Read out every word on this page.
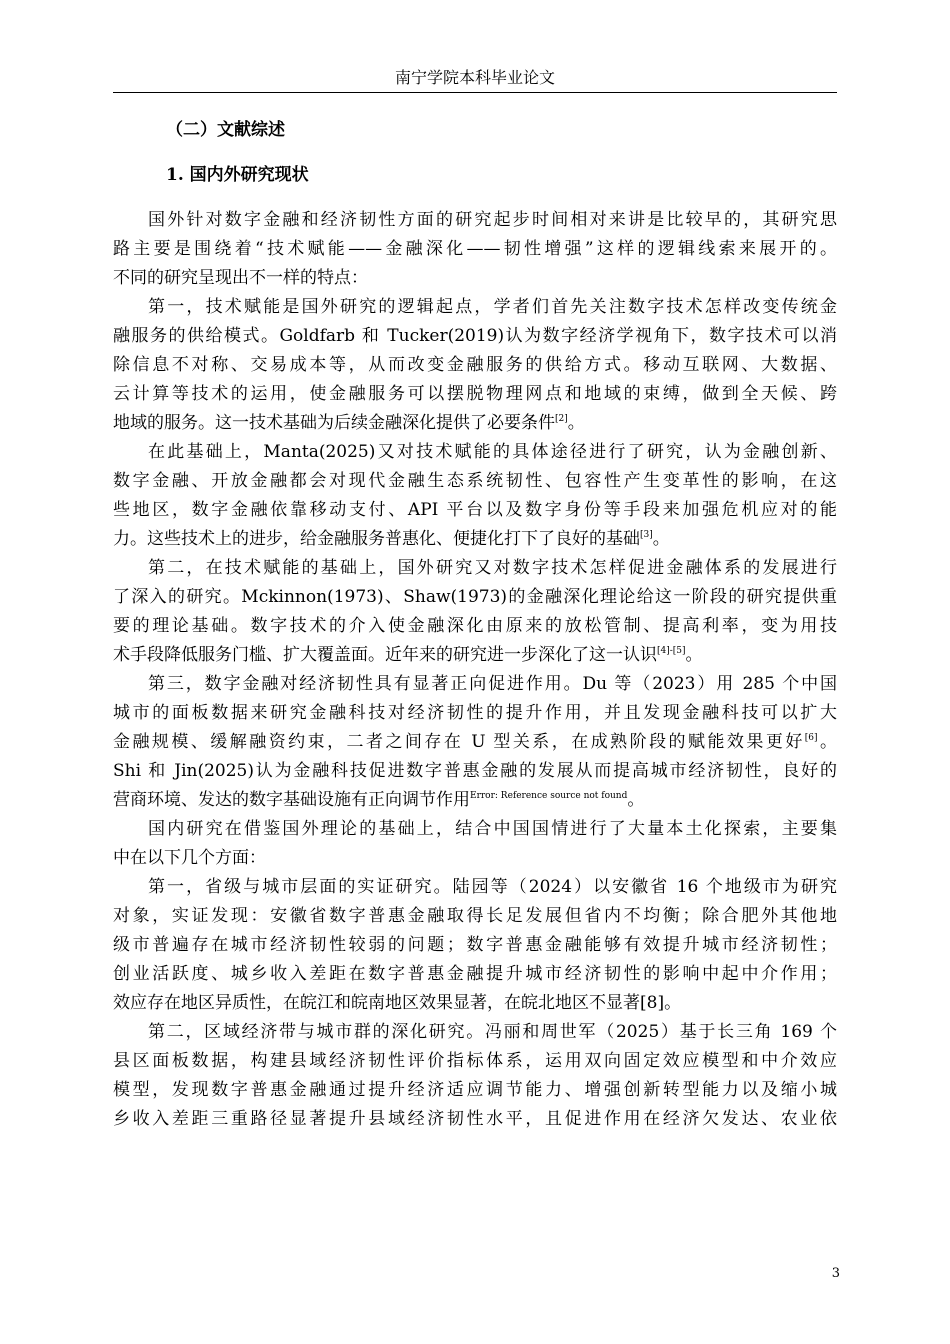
南宁学院本科毕业论文
（二）文献综述
1. 国内外研究现状
国外针对数字金融和经济韧性方面的研究起步时间相对来讲是比较早的，其研究思
路主要是围绕着“技术赋能——金融深化——韧性增强”这样的逻辑线索来展开的。
不同的研究呈现出不一样的特点：
第一，技术赋能是国外研究的逻辑起点，学者们首先关注数字技术怎样改变传统金
融服务的供给模式。Goldfarb 和 Tucker(2019)认为数字经济学视角下，数字技术可以消
除信息不对称、交易成本等，从而改变金融服务的供给方式。移动互联网、大数据、
云计算等技术的运用，使金融服务可以摆脱物理网点和地域的束缚，做到全天候、跨
地域的服务。这一技术基础为后续金融深化提供了必要条件[2]。
在此基础上，Manta(2025)又对技术赋能的具体途径进行了研究，认为金融创新、
数字金融、开放金融都会对现代金融生态系统韧性、包容性产生变革性的影响，在这
些地区，数字金融依靠移动支付、API 平台以及数字身份等手段来加强危机应对的能
力。这些技术上的进步，给金融服务普惠化、便捷化打下了良好的基础[3]。
第二，在技术赋能的基础上，国外研究又对数字技术怎样促进金融体系的发展进行
了深入的研究。Mckinnon(1973)、Shaw(1973)的金融深化理论给这一阶段的研究提供重
要的理论基础。数字技术的介入使金融深化由原来的放松管制、提高利率，变为用技
术手段降低服务门槛、扩大覆盖面。近年来的研究进一步深化了这一认识[4]-[5]。
第三，数字金融对经济韧性具有显著正向促进作用。Du 等（2023）用 285 个中国
城市的面板数据来研究金融科技对经济韧性的提升作用，并且发现金融科技可以扩大
金融规模、缓解融资约束，二者之间存在 U 型关系，在成熟阶段的赋能效果更好[6]。
Shi 和 Jin(2025)认为金融科技促进数字普惠金融的发展从而提高城市经济韧性，良好的
营商环境、发达的数字基础设施有正向调节作用$^{Error: Reference source not found}$。
国内研究在借鉴国外理论的基础上，结合中国国情进行了大量本土化探索，主要集
中在以下几个方面：
第一，省级与城市层面的实证研究。陆园等（2024）以安徽省 16 个地级市为研究
对象，实证发现：安徽省数字普惠金融取得长足发展但省内不均衡；除合肥外其他地
级市普遍存在城市经济韧性较弱的问题；数字普惠金融能够有效提升城市经济韧性；
创业活跃度、城乡收入差距在数字普惠金融提升城市经济韧性的影响中起中介作用；
效应存在地区异质性，在皖江和皖南地区效果显著，在皖北地区不显著[8]。
第二，区域经济带与城市群的深化研究。冯丽和周世军（2025）基于长三角 169 个
县区面板数据，构建县域经济韧性评价指标体系，运用双向固定效应模型和中介效应
模型，发现数字普惠金融通过提升经济适应调节能力、增强创新转型能力以及缩小城
乡收入差距三重路径显著提升县域经济韧性水平，且促进作用在经济欠发达、农业依
3
